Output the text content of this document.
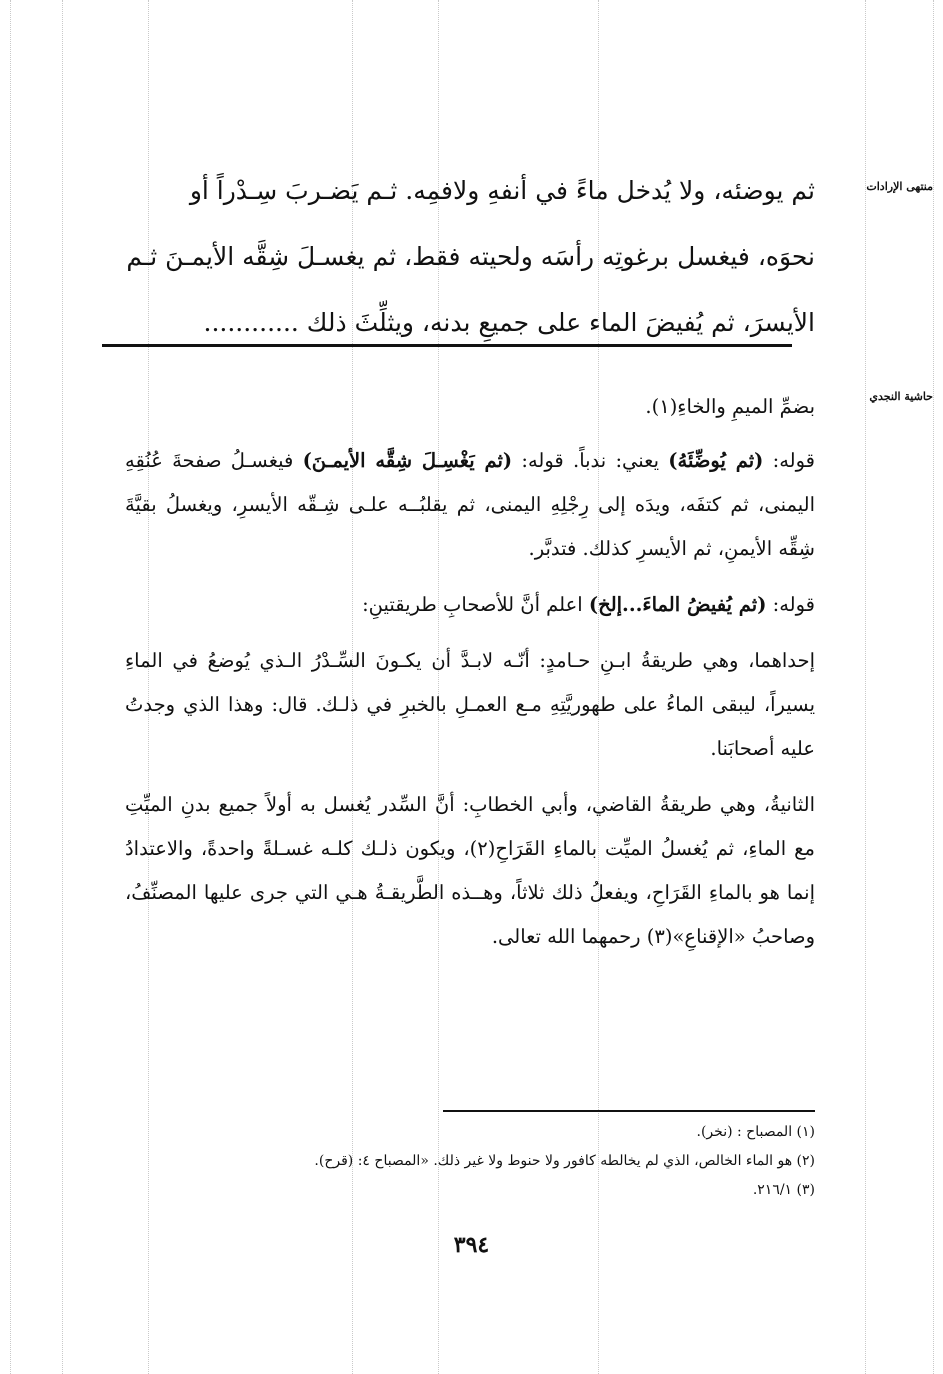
منتهى الإرادات
حاشية النجدي

ثم يوضئه، ولا يُدخل ماءً في أنفهِ ولافمِه. ثـم يَضـربَ سِـدْراً أو

نحوَه، فيغسل برغوتِه رأسَه ولحيته فقط، ثم يغسـلَ شِقَّه الأيمـنَ ثـم

الأيسرَ، ثم يُفيضَ الماء على جميعِ بدنه، ويثلِّثَ ذلك ............

بضمِّ الميمِ والخاءِ(١).

قوله: (ثم يُوضِّئَهُ) يعني: ندباً. قوله: (ثم يَغْسِـلَ شِقَّه الأيمـنَ) فيغسـلُ صفحةَ عُنُقِهِ اليمنى، ثم كتفَه، ويدَه إلى رِجْلِهِ اليمنى، ثم يقلبُــه علـى شِـقّه الأيسرِ، ويغسلُ بقيَّةَ شِقِّه الأيمنِ، ثم الأيسرِ كذلك. فتدبَّر.

قوله: (ثم يُفيضُ الماءَ...إلخ) اعلم أنَّ للأصحابِ طريقتينِ:

إحداهما، وهي طريقةُ ابـنِ حـامدٍ: أنّـه لابـدَّ أن يكـونَ السِّـدْرُ الـذي يُوضعُ في الماءِ يسيراً، ليبقى الماءُ على طهوريَّتِهِ مـع العمـلِ بالخبرِ في ذلـك. قال: وهذا الذي وجدتُ عليه أصحابَنا.

الثانيةُ، وهي طريقةُ القاضي، وأبي الخطابِ: أنَّ السِّدر يُغسل به أولاً جميع بدنِ الميِّتِ مع الماءِ، ثم يُغسلُ الميِّت بالماءِ القَرَاحِ(٢)، ويكون ذلـك كلـه غسـلةً واحدةً، والاعتدادُ إنما هو بالماءِ القَرَاحِ، ويفعلُ ذلك ثلاثاً، وهــذه الطَّريقـةُ هـي التي جرى عليها المصنِّفُ، وصاحبُ «الإقناعِ»(٣) رحمهما الله تعالى.

(١) المصباح : (نخر).
(٢) هو الماء الخالص، الذي لم يخالطه كافور ولا حنوط ولا غير ذلك. «المصباح ٤: (قرح).
(٣) ٢١٦/١.
٣٩٤
